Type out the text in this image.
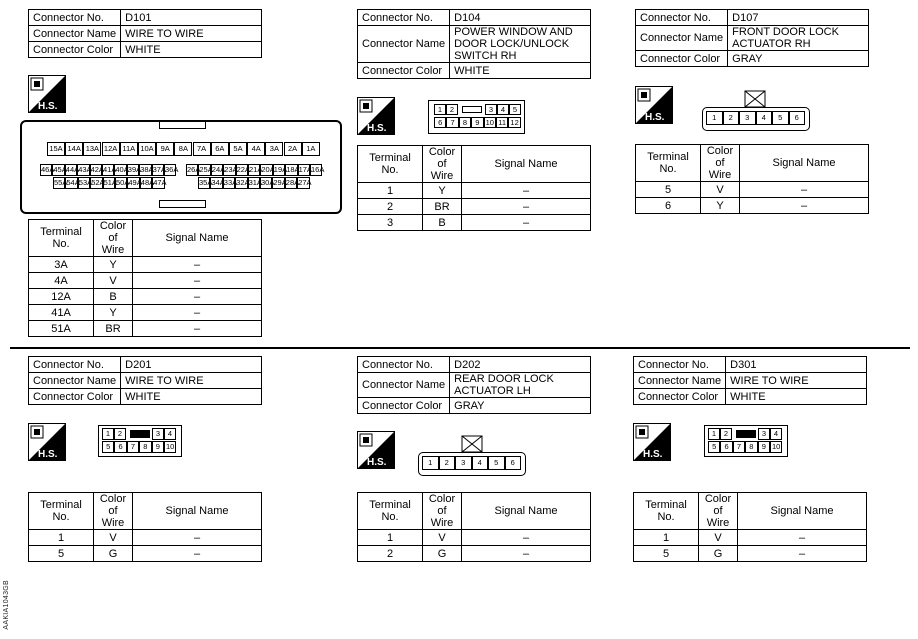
Connector No.	D101
Connector Name	WIRE TO WIRE
Connector Color	WHITE
H.S.
15A 14A 13A 12A 11A 10A 9A	8A	7A	6A	5A	4A	3A	2A	1A
46A 45A 44A 43A 42A 41A 40A 39A 38A 37A 36A 26A 25A 24A 23A 22A 21A 20A 19A 18A 17A 16A
55A 54A 53A 52A 51A 50A 49A 48A 47A	35A 34A 33A 32A 31A 30A 29A 28A 27A
Terminal No.	Color of Wire	Signal Name
3A	Y	–
4A	V	–
12A	B	–
41A	Y	–
51A	BR	–
Connector No.	D104
Connector Name	POWER WINDOW AND DOOR LOCK/UNLOCK SWITCH RH
Connector Color	WHITE
H.S.
1	2	3	4	5
6	7	8	9 10 11 12
Terminal No.	Color of Wire	Signal Name
1	Y	–
2	BR	–
3	B	–
Connector No.	D107
Connector Name	FRONT DOOR LOCK ACTUATOR RH
Connector Color	GRAY
H.S.	1	2	3	4	5	6
Terminal No.	Color of Wire	Signal Name
5	V	–
6	Y	–
Connector No.	D201
Connector Name	WIRE TO WIRE
Connector Color	WHITE
H.S.
1	2	3	4
5	6	7	8	9 10
Terminal No.	Color of Wire	Signal Name
1	V	–
5	G	–
Connector No.	D202
Connector Name	REAR DOOR LOCK ACTUATOR LH
Connector Color	GRAY
H.S.	1	2	3	4	5	6
Terminal No.	Color of Wire	Signal Name
1	V	–
2	G	–
Connector No.	D301
Connector Name	WIRE TO WIRE
Connector Color	WHITE
H.S.
1	2	3	4
5	6	7	8	9 10
Terminal No.	Color of Wire	Signal Name
1	V	–
5	G	–
AAKIA1043GB
